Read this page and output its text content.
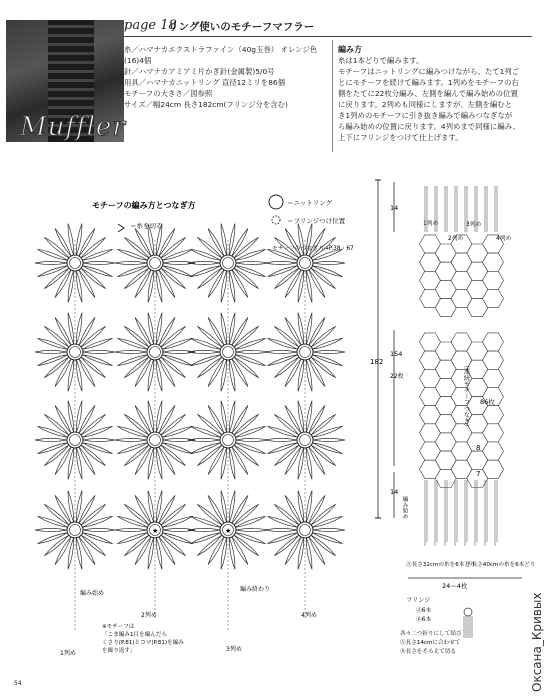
Muffler
page 18
リング使いのモチーフマフラー
糸／ハマナカエクストラファイン（40g玉巻） オレンジ色(16)4個
針／ハマナカアミアミ片かぎ針(金属製)5/0号
用具／ハマナカニットリング 直径12ミリを86個
モチーフの大きさ／図参照
サイズ／幅24cm 長さ182cm(フリンジ分を含む)
編み方
糸は1本どりで編みます。
モチーフはニットリングに編みつけながら、たて1列ご
とにモチーフを続けて編みます。1列めをモチーフの右
側をたてに22枚分編み、左側を編んで編み始めの位置
に戻ります。2列めも同様にしますが、左側を編むと
き1列めのモチーフに引き抜き編みで編みつなぎなが
ら編み始めの位置に戻ります。4列めまで同様に編み、
上下にフリンジをつけて仕上げます。
モチーフの編み方とつなぎ方	＝ニットリング
＝フリンジつけ位置
＝糸を切る
モチーフのつなぎ方→P.38・67
★	★
編み始め
編み終わり
2列め	4列め
1列め
3列め
※モチーフは
「こま編み1目を編んだら
くさり(P.81)とコマ(P.81)を編み
を繰り返す」
14
182
154
22枚
14
1列め
2列め
3列め
4列め
（連続モチーフつなぎ） 86枚
8
7
編み始め
Ⓐ長さ32cmの糸を6本どり
Ⓑ長さ40cmの糸を6本どり
24＝4枚
フリンジ
Ⓐ6本
Ⓑ6本
各々二つ折りにして結び
Ⓐ長さ14cmに合わせて
Ⓑ長さをそろえて切る
54	Оксана_Кривых
